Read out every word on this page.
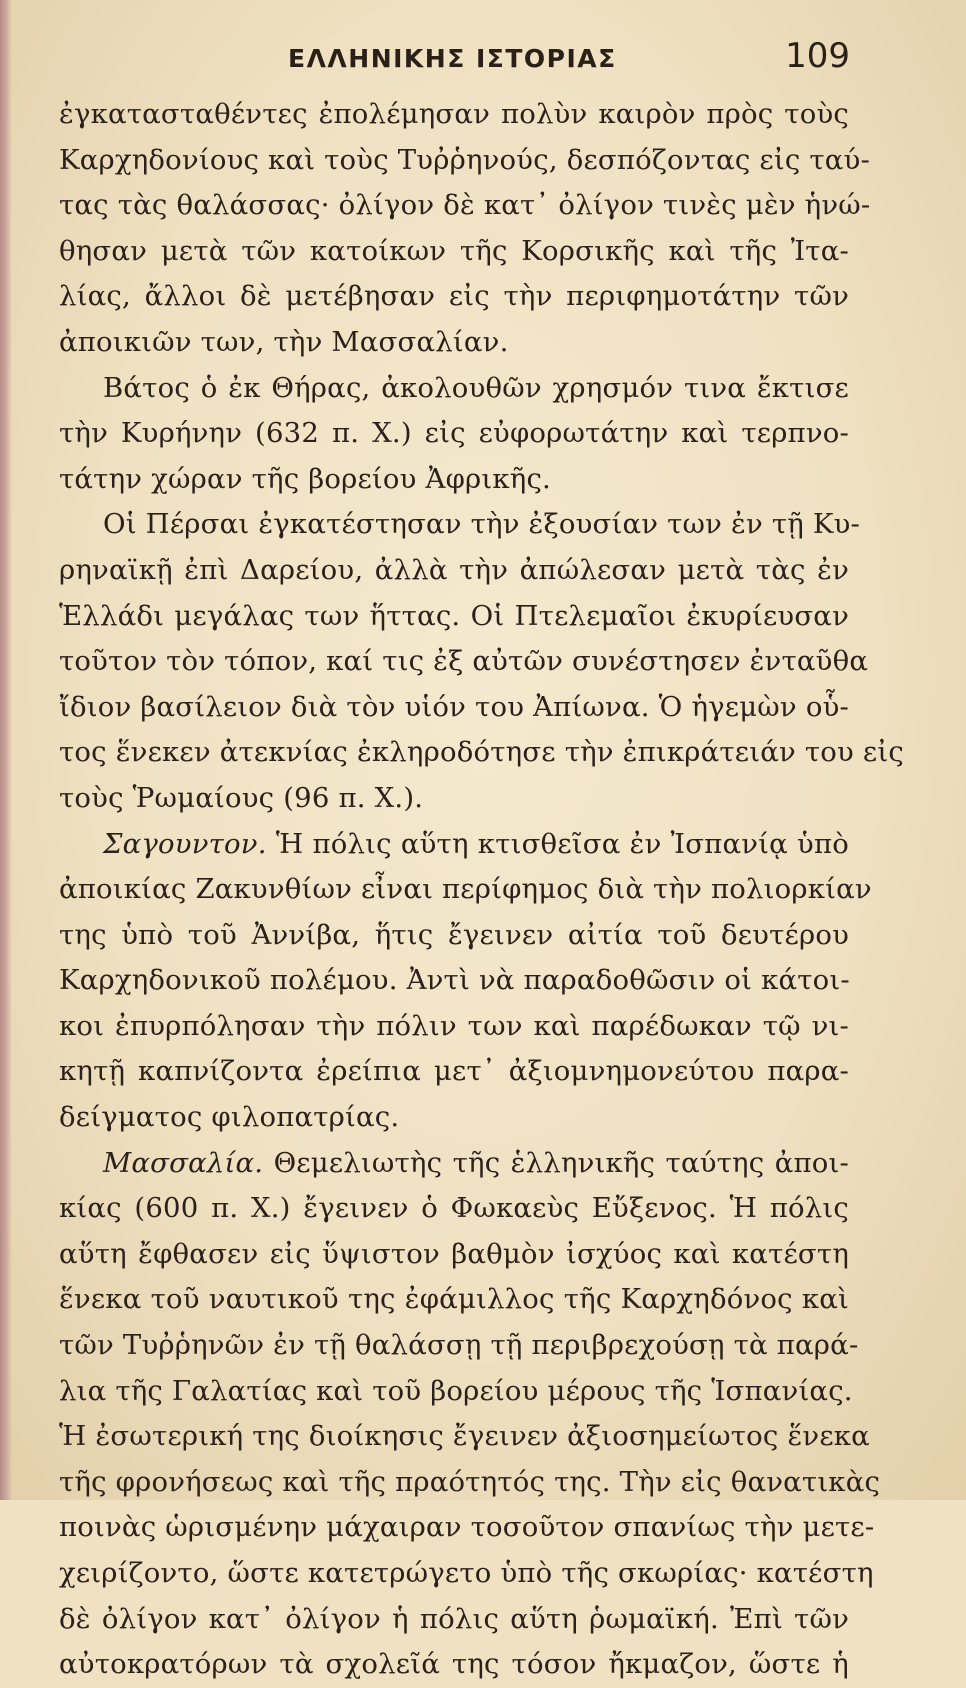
ΕΛΛΗΝΙΚΗΣ ΙΣΤΟΡΙΑΣ	109
ἐγκατασταθέντες ἐπολέμησαν πολὺν καιρὸν πρὸς τοὺς
Καρχηδονίους καὶ τοὺς Τυῤῥηνούς, δεσπόζοντας εἰς ταύ-
τας τὰς θαλάσσας· ὀλίγον δὲ κατ᾽ ὀλίγον τινὲς μὲν ἡνώ-
θησαν μετὰ τῶν κατοίκων τῆς Κορσικῆς καὶ τῆς Ἰτα-
λίας, ἄλλοι δὲ μετέβησαν εἰς τὴν περιφημοτάτην τῶν
ἀποικιῶν των, τὴν Μασσαλίαν.
Βάτος ὁ ἐκ Θήρας, ἀκολουθῶν χρησμόν τινα ἔκτισε
τὴν Κυρήνην (632 π. Χ.) εἰς εὐφορωτάτην καὶ τερπνο-
τάτην χώραν τῆς βορείου Ἀφρικῆς.
Οἱ Πέρσαι ἐγκατέστησαν τὴν ἐξουσίαν των ἐν τῇ Κυ-
ρηναϊκῇ ἐπὶ Δαρείου, ἀλλὰ τὴν ἀπώλεσαν μετὰ τὰς ἐν
Ἑλλάδι μεγάλας των ἥττας. Οἱ Πτελεμαῖοι ἐκυρίευσαν
τοῦτον τὸν τόπον, καί τις ἐξ αὐτῶν συνέστησεν ἐνταῦθα
ἴδιον βασίλειον διὰ τὸν υἱόν του Ἀπίωνα. Ὁ ἡγεμὼν οὗ-
τος ἕνεκεν ἀτεκνίας ἐκληροδότησε τὴν ἐπικράτειάν του εἰς
τοὺς Ῥωμαίους (96 π. Χ.).
Σαγουντον. Ἡ πόλις αὕτη κτισθεῖσα ἐν Ἰσπανίᾳ ὑπὸ
ἀποικίας Ζακυνθίων εἶναι περίφημος διὰ τὴν πολιορκίαν
της ὑπὸ τοῦ Ἀννίβα, ἥτις ἔγεινεν αἰτία τοῦ δευτέρου
Καρχηδονικοῦ πολέμου. Ἀντὶ νὰ παραδοθῶσιν οἱ κάτοι-
κοι ἐπυρπόλησαν τὴν πόλιν των καὶ παρέδωκαν τῷ νι-
κητῇ καπνίζοντα ἐρείπια μετ᾽ ἀξιομνημονεύτου παρα-
δείγματος φιλοπατρίας.
Μασσαλία. Θεμελιωτὴς τῆς ἑλληνικῆς ταύτης ἀποι-
κίας (600 π. Χ.) ἔγεινεν ὁ Φωκαεὺς Εὔξενος. Ἡ πόλις
αὕτη ἔφθασεν εἰς ὕψιστον βαθμὸν ἰσχύος καὶ κατέστη
ἕνεκα τοῦ ναυτικοῦ της ἐφάμιλλος τῆς Καρχηδόνος καὶ
τῶν Τυῤῥηνῶν ἐν τῇ θαλάσσῃ τῇ περιβρεχούσῃ τὰ παρά-
λια τῆς Γαλατίας καὶ τοῦ βορείου μέρους τῆς Ἱσπανίας.
Ἡ ἐσωτερική της διοίκησις ἔγεινεν ἀξιοσημείωτος ἕνεκα
τῆς φρονήσεως καὶ τῆς πραότητός της. Τὴν εἰς θανατικὰς
ποινὰς ὡρισμένην μάχαιραν τοσοῦτον σπανίως τὴν μετε-
χειρίζοντο, ὥστε κατετρώγετο ὑπὸ τῆς σκωρίας· κατέστη
δὲ ὀλίγον κατ᾽ ὀλίγον ἡ πόλις αὕτη ῥωμαϊκή. Ἐπὶ τῶν
αὐτοκρατόρων τὰ σχολεῖά της τόσον ἤκμαζον, ὥστε ἡ
